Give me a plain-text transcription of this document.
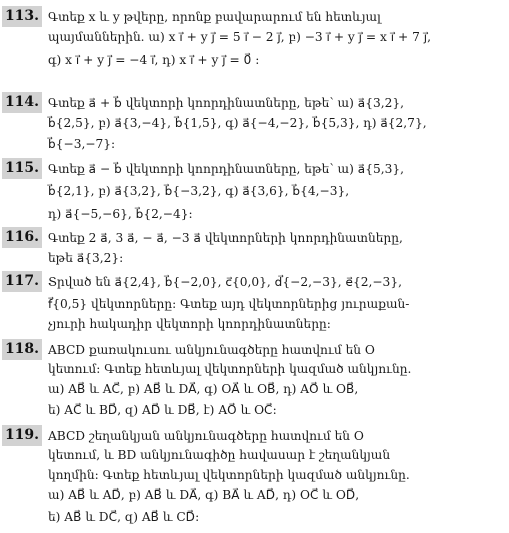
113. Գտեք x և y թվերը, որոնք բավարարում են հետևյալ
պայմաններին. ա) x i⃗ + y j⃗ = 5 i⃗ − 2 j⃗, բ) −3 i⃗ + y j⃗ = x i⃗ + 7 j⃗,
գ) x i⃗ + y j⃗ = −4 i⃗, դ) x i⃗ + y j⃗ = 0⃗ :
114. Գտեք a⃗ + b⃗ վեկտորի կոորդինատները, եթե՝ ա) a⃗{3,2},
b⃗{2,5}, բ) a⃗{3,−4}, b⃗{1,5}, գ) a⃗{−4,−2}, b⃗{5,3}, դ) a⃗{2,7},
b⃗{−3,−7}:
115. Գտեք a⃗ − b⃗ վեկտորի կոորդինատները, եթե՝ ա) a⃗{5,3},
b⃗{2,1}, բ) a⃗{3,2}, b⃗{−3,2}, գ) a⃗{3,6}, b⃗{4,−3},
դ) a⃗{−5,−6}, b⃗{2,−4}:
116. Գտեք 2 a⃗, 3 a⃗, − a⃗, −3 a⃗ վեկտորների կոորդինատները,
եթե a⃗{3,2}:
117. Տրված են a⃗{2,4}, b⃗{−2,0}, c⃗{0,0}, d⃗{−2,−3}, e⃗{2,−3},
f⃗{0,5} վեկտորները: Գտեք այդ վեկտորներից յուրաքան-
չյուրի հակադիր վեկտորի կոորդինատները:
118. ABCD քառակուսու անկյունագծերը հատվում են O
կետում: Գտեք հետևյալ վեկտորների կազմած անկյունը.
ա) AB⃗ և AC⃗, բ) AB⃗ և DA⃗, գ) OA⃗ և OB⃗, դ) AO⃗ և OB⃗,
ե) AC⃗ և BD⃗, զ) AD⃗ և DB⃗, է) AO⃗ և OC⃗:
119. ABCD շեղանկյան անկյունագծերը հատվում են O
կետում, և BD անկյունագիծը հավասար է շեղանկյան
կողմին: Գտեք հետևյալ վեկտորների կազմած անկյունը.
ա) AB⃗ և AD⃗, բ) AB⃗ և DA⃗, գ) BA⃗ և AD⃗, դ) OC⃗ և OD⃗,
ե) AB⃗ և DC⃗, զ) AB⃗ և CD⃗:
